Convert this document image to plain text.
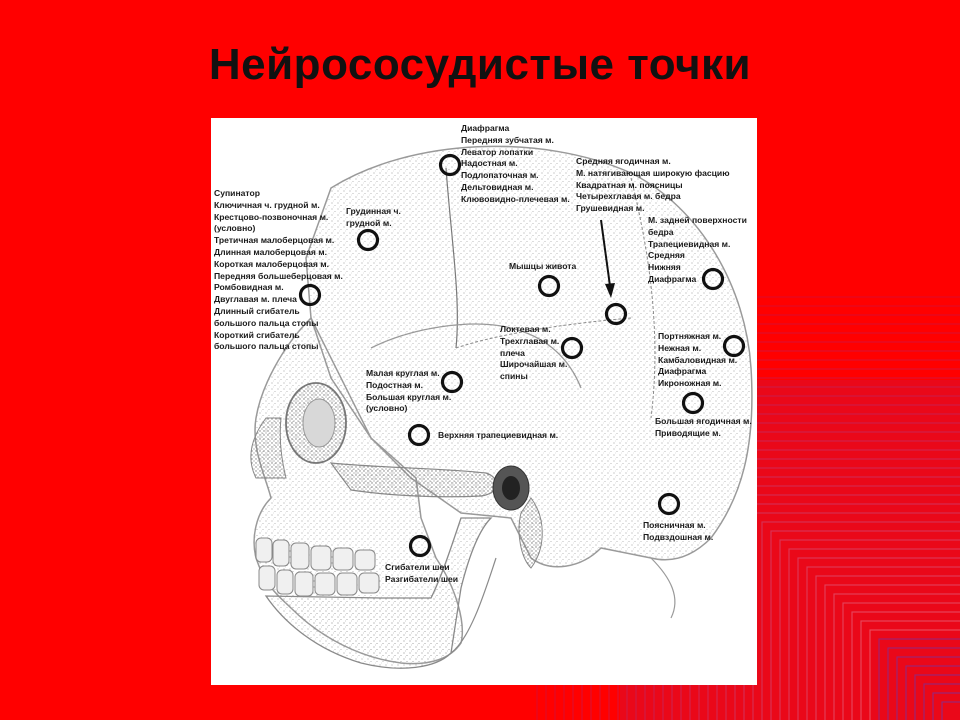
Нейрососудистые точки
Диафрагма
Передняя зубчатая м.
Леватор лопатки
Надостная м.
Подлопаточная м.
Дельтовидная м.
Клювовидно-плечевая м.
Средняя ягодичная м.
М. натягивающая широкую фасцию
Квадратная м. поясницы
Четырехглавая м. бедра
Грушевидная м.
Супинатор
Ключичная ч. грудной м.
Крестцово-позвоночная м.
(условно)
Третичная малоберцовая м.
Длинная малоберцовая м.
Короткая малоберцовая м.
Передняя большеберцовая м.
Ромбовидная м.
Двуглавая м. плеча
Длинный сгибатель
большого пальца стопы
Короткий сгибатель
большого пальца стопы
Грудинная ч.
грудной м.	М. задней поверхности
бедра
Трапециевидная м.
Средняя
Нижняя
Диафрагма
Мышцы живота
Локтевая м.
Трехглавая м.
плеча
Широчайшая м.
спины
Портняжная м.
Нежная м.
Камбаловидная м.
Диафрагма
Икроножная м.
Малая круглая м.
Подостная м.
Большая круглая м.
(условно)
Большая ягодичная м.
Приводящие м.
Верхняя трапециевидная м.
Поясничная м.
Подвздошная м.
Сгибатели шеи
Разгибатели шеи
